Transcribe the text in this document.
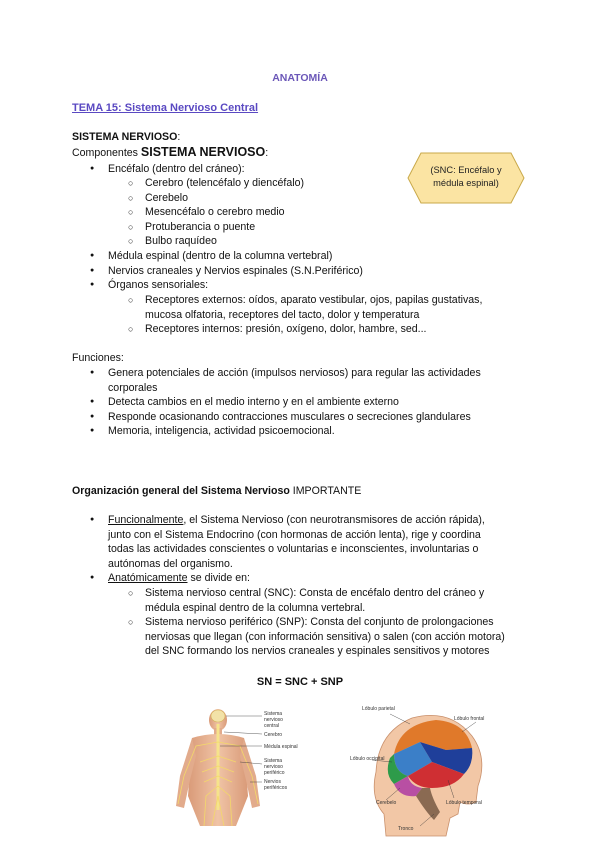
ANATOMÍA
TEMA 15: Sistema Nervioso Central
SISTEMA NERVIOSO:
Componentes SISTEMA NERVIOSO:
● Encéfalo (dentro del cráneo):
○ Cerebro (telencéfalo y diencéfalo)
○ Cerebelo
○ Mesencéfalo o cerebro medio
○ Protuberancia o puente
○ Bulbo raquídeo
● Médula espinal (dentro de la columna vertebral)
● Nervios craneales y Nervios espinales (S.N.Periférico)
● Órganos sensoriales:
○ Receptores externos: oídos, aparato vestibular, ojos, papilas gustativas,
mucosa olfatoria, receptores del tacto, dolor y temperatura
○ Receptores internos: presión, oxígeno, dolor, hambre, sed...
(SNC: Encéfalo y
médula espinal)
Funciones:
● Genera potenciales de acción (impulsos nerviosos) para regular las actividades
corporales
● Detecta cambios en el medio interno y en el ambiente externo
● Responde ocasionando contracciones musculares o secreciones glandulares
● Memoria, inteligencia, actividad psicoemocional.
Organización general del Sistema Nervioso IMPORTANTE
● Funcionalmente, el Sistema Nervioso (con neurotransmisores de acción rápida),
junto con el Sistema Endocrino (con hormonas de acción lenta), rige y coordina
todas las actividades conscientes o voluntarias e inconscientes, involuntarias o
autónomas del organismo.
● Anatómicamente se divide en:
○ Sistema nervioso central (SNC): Consta de encéfalo dentro del cráneo y
médula espinal dentro de la columna vertebral.
○ Sistema nervioso periférico (SNP): Consta del conjunto de prolongaciones
nerviosas que llegan (con información sensitiva) o salen (con acción motora)
del SNC formando los nervios craneales y espinales sensitivos y motores
SN = SNC + SNP
Sistema
nervioso
central
Cerebro
Médula espinal
Sistema
nervioso
periférico
Nervios
periféricos
Lóbulo parietal
Lóbulo frontal
Lóbulo occipital
Cerebelo	Lóbulo temporal
Tronco
